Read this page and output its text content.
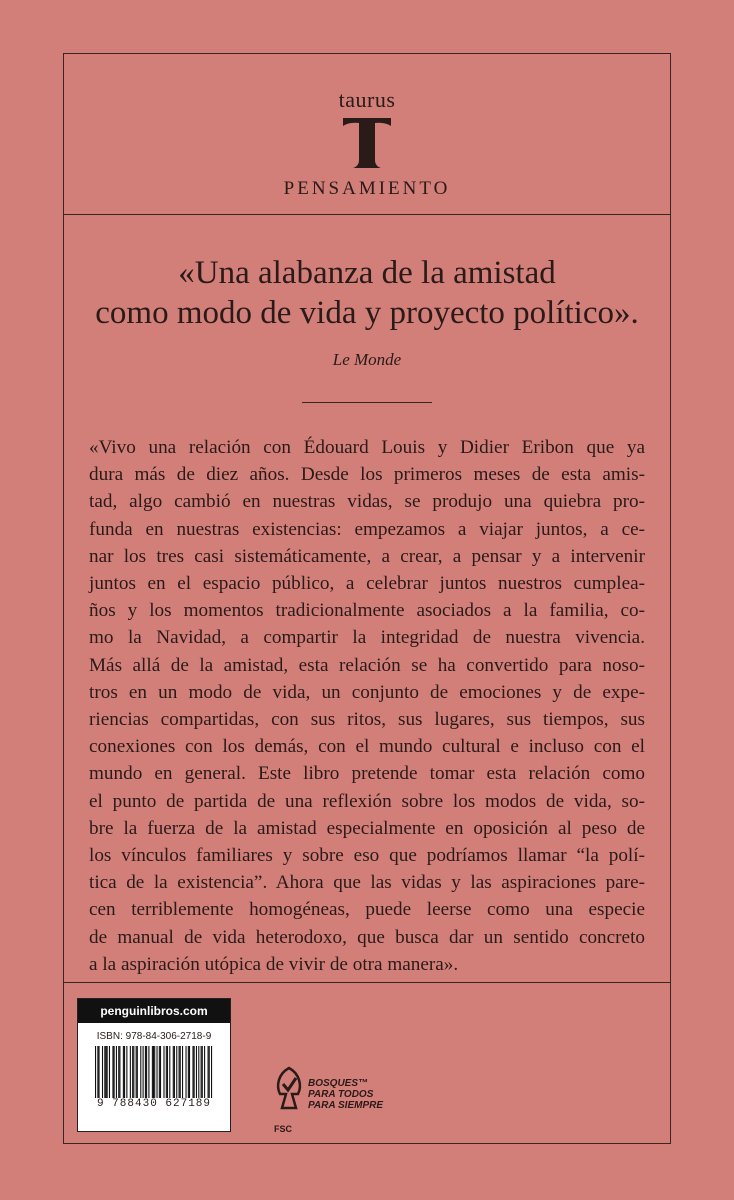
taurus
PENSAMIENTO
«Una alabanza de la amistad
como modo de vida y proyecto político».
Le Monde
«Vivo una relación con Édouard Louis y Didier Eribon que ya
dura más de diez años. Desde los primeros meses de esta amis-
tad, algo cambió en nuestras vidas, se produjo una quiebra pro-
funda en nuestras existencias: empezamos a viajar juntos, a ce-
nar los tres casi sistemáticamente, a crear, a pensar y a intervenir
juntos en el espacio público, a celebrar juntos nuestros cumplea-
ños y los momentos tradicionalmente asociados a la familia, co-
mo la Navidad, a compartir la integridad de nuestra vivencia.
Más allá de la amistad, esta relación se ha convertido para noso-
tros en un modo de vida, un conjunto de emociones y de expe-
riencias compartidas, con sus ritos, sus lugares, sus tiempos, sus
conexiones con los demás, con el mundo cultural e incluso con el
mundo en general. Este libro pretende tomar esta relación como
el punto de partida de una reflexión sobre los modos de vida, so-
bre la fuerza de la amistad especialmente en oposición al peso de
los vínculos familiares y sobre eso que podríamos llamar “la polí-
tica de la existencia”. Ahora que las vidas y las aspiraciones pare-
cen terriblemente homogéneas, puede leerse como una especie
de manual de vida heterodoxo, que busca dar un sentido concreto
a la aspiración utópica de vivir de otra manera».
penguinlibros.com
ISBN: 978-84-306-2718-9
9 788430 627189
FSC
BOSQUES™
PARA TODOS
PARA SIEMPRE
